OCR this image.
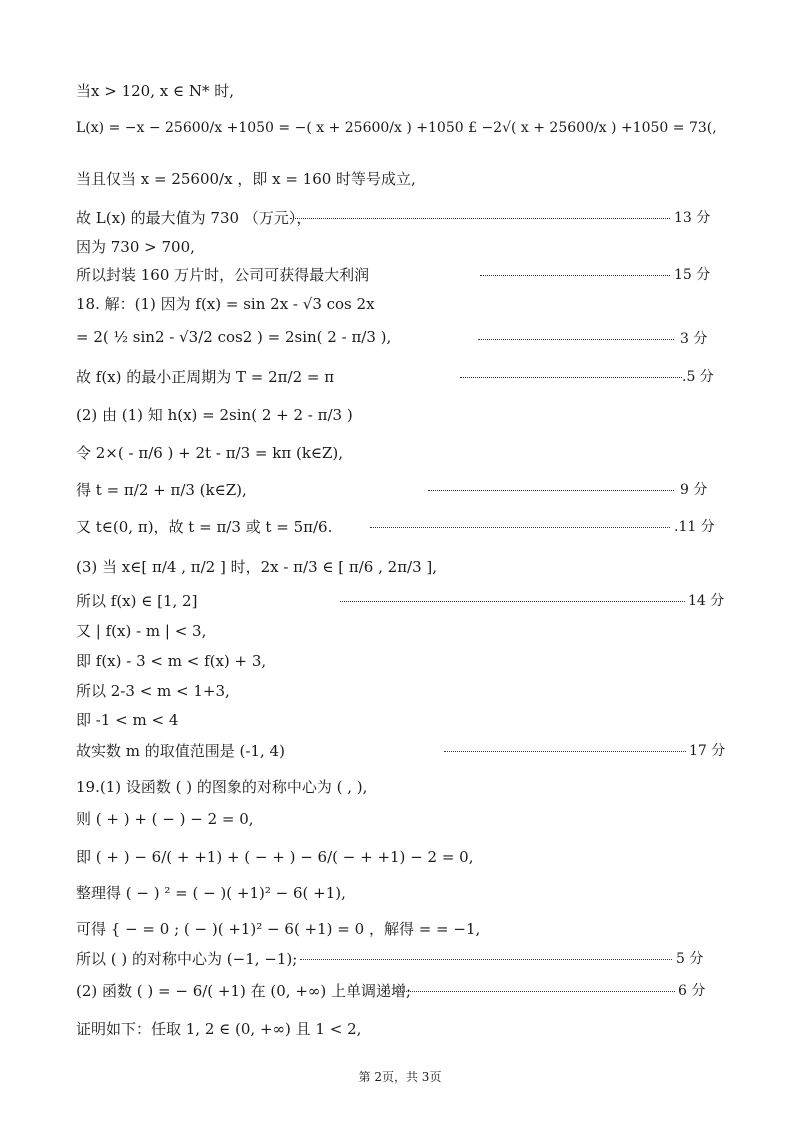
当x > 120, x ∈ N* 时,
L(x) = −x − 25600/x +1050 = −( x + 25600/x ) +1050 £ −2√( x + 25600/x ) +1050 = 73(,
当且仅当 x = 25600/x ，即 x = 160 时等号成立,
故 L(x) 的最大值为 730 （万元），	13 分
因为 730 > 700,
所以封装 160 万片时，公司可获得最大利润	15 分
18. 解：(1) 因为 f(x) = sin 2x - √3 cos 2x
= 2( ½ sin2 - √3/2 cos2 ) = 2sin( 2 - π/3 ),	3 分
故 f(x) 的最小正周期为 T = 2π/2 = π	.5 分
(2) 由 (1) 知 h(x) = 2sin( 2 + 2 - π/3 )
令 2×( - π/6 ) + 2t - π/3 = kπ (k∈Z),
得 t = π/2 + π/3 (k∈Z),	9 分
又 t∈(0, π)，故 t = π/3 或 t = 5π/6.	.11 分
(3) 当 x∈[ π/4 , π/2 ] 时，2x - π/3 ∈ [ π/6 , 2π/3 ],
所以 f(x) ∈ [1, 2]	14 分
又 | f(x) - m | < 3,
即 f(x) - 3 < m < f(x) + 3,
所以 2-3 < m < 1+3,
即 -1 < m < 4
故实数 m 的取值范围是 (-1, 4)	17 分
19.(1) 设函数 ( ) 的图象的对称中心为 ( , ),
则 ( + ) + ( − ) − 2 = 0,
即 ( + ) − 6/( + +1) + ( − + ) − 6/( − + +1) − 2 = 0,
整理得 ( − ) ² = ( − )( +1)² − 6( +1),
可得 { − = 0 ; ( − )( +1)² − 6( +1) = 0 ，解得 = = −1,
所以 ( ) 的对称中心为 (−1, −1);	5 分
(2) 函数 ( ) = − 6/( +1) 在 (0, +∞) 上单调递增;	6 分
证明如下：任取 1, 2 ∈ (0, +∞) 且 1 < 2,
第 2页，共 3页
